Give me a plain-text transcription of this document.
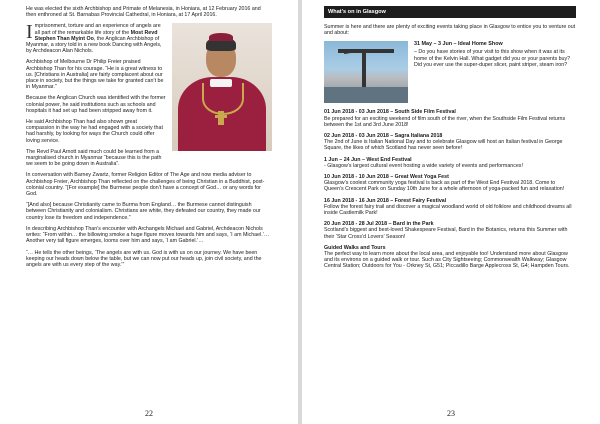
He was elected the sixth Archbishop and Primate of Melanesia, in Honiara, at 12 February 2016 and then enthroned at St. Barnabas Provincial Cathedral, in Honiara, at 17 April 2016.

Imprisonment, torture and an experience of angels are all part of the remarkable life story of the Most Revd Stephen Than Myint Oo, the Anglican Archbishop of Myanmar, a story told in a new book Dancing with Angels, by Archdeacon Alan Nichols.

Archbishop of Melbourne Dr Philip Freier praised Archbishop Than for his courage. “He is a great witness to us. [Christians in Australia] are fairly complacent about our place in society, but the things we take for granted can’t be in Myanmar.”

Because the Anglican Church was identified with the former colonial power, he said institutions such as schools and hospitals it had set up had been stripped away from it.

He said Archbishop Than had also shown great compassion in the way he had engaged with a society that had harshly, by looking for ways the Church could offer loving service.

The Revd Paul Arnott said much could be learned from a marginalised church in Myanmar “because this is the path we seem to be going down in Australia”.

In conversation with Barney Zwartz, former Religion Editor of The Age and now media adviser to Archbishop Freier, Archbishop Than reflected on the challenges of being Christian in a Buddhist, post-colonial country. “[For example] the Burmese people don’t have a concept of God… or any words for God.

“[And also] because Christianity came to Burma from England… the Burmese cannot distinguish between Christianity and colonialism. Christians are white, they defeated our country, they made our country lose its freedom and independence.”

In describing Archbishop Than’s encounter with Archangels Michael and Gabriel, Archdeacon Nichols writes: “From within… the billowing smoke a huge figure moves towards him and says, ‘I am Michael.’… Another very tall figure emerges, looms over him and says, ‘I am Gabriel.’…

“… He tells the other beings, ‘The angels are with us. God is with us on our journey. We have been keeping our heads down below the table, but we can now put our heads up, join civil society, and the angels are with us every step of the way.’”

22
What’s on in Glasgow

Summer is here and there are plenty of exciting events taking place in Glasgow to entice you to venture out and about:

31 May – 3 Jun – Ideal Home Show

– Do you have stories of your visit to this show when it was at its home of the Kelvin Hall. What gadget did you or your parents buy? Did you ever use the super-duper slicer, paint striper, steam iron?

01 Jun 2018 - 03 Jun 2018 – South Side Film Festival
Be prepared for an exciting weekend of film south of the river, when the Southside Film Festival returns between the 1st and 3rd June 2018!

02 Jun 2018 - 03 Jun 2018 – Sagra Italiana 2018
The 2nd of June is Italian National Day and to celebrate Glasgow will host an Italian festival in George Square, the likes of which Scotland has never seen before!

1 Jun – 24 Jun – West End Festival
- Glasgow’s largest cultural event hosting a wide variety of events and performances!

10 Jun 2018 - 10 Jun 2018 – Great West Yoga Fest
Glasgow’s coolest community yoga festival is back as part of the West End Festival 2018. Come to Queen’s Crescent Park on Sunday 10th June for a whole afternoon of yoga-packed fun and relaxation!

16 Jun 2018 - 16 Jun 2018 – Forest Fairy Festival
Follow the forest fairy trail and discover a magical woodland world of old folklore and childhood dreams all inside Castlemilk Park!

20 Jun 2018 - 28 Jul 2018 – Bard in the Park
Scotland’s biggest and best-loved Shakespeare Festival, Bard in the Botanics, returns this Summer with their ‘Star Cross’d Lovers’ Season!

Guided Walks and Tours
The perfect way to learn more about the local area, and enjoyable too! Understand more about Glasgow and its environs on a guided walk or tour. Such as City Sightseeing; Commonwealth Walkway; Glasgow Central Station; Outdoors for You - Orkney St, G51; Piccadillo Barge Applecross St, G4; Hampden Tours.

23
